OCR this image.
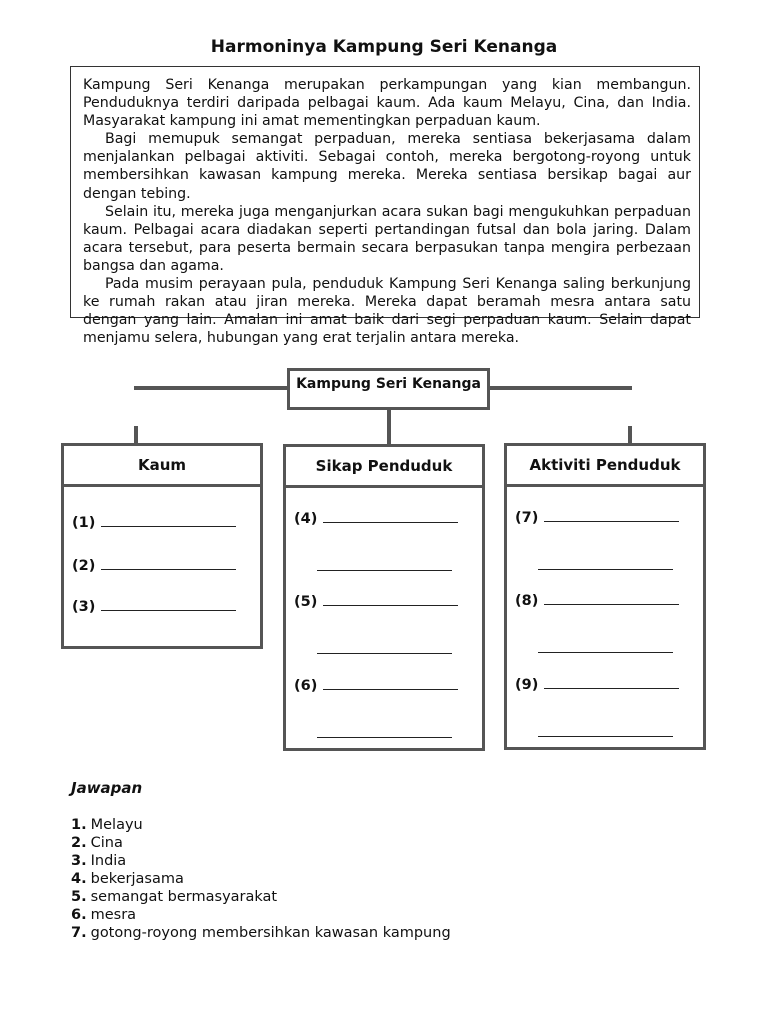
Harmoninya Kampung Seri Kenanga

Kampung Seri Kenanga merupakan perkampungan yang kian membangun. Penduduknya terdiri daripada pelbagai kaum. Ada kaum Melayu, Cina, dan India. Masyarakat kampung ini amat mementingkan perpaduan kaum.

Bagi memupuk semangat perpaduan, mereka sentiasa bekerjasama dalam menjalankan pelbagai aktiviti. Sebagai contoh, mereka bergotong-royong untuk membersihkan kawasan kampung mereka. Mereka sentiasa bersikap bagai aur dengan tebing.

Selain itu, mereka juga menganjurkan acara sukan bagi mengukuhkan perpaduan kaum. Pelbagai acara diadakan seperti pertandingan futsal dan bola jaring. Dalam acara tersebut, para peserta bermain secara berpasukan tanpa mengira perbezaan bangsa dan agama.

Pada musim perayaan pula, penduduk Kampung Seri Kenanga saling berkunjung ke rumah rakan atau jiran mereka. Mereka dapat beramah mesra antara satu dengan yang lain. Amalan ini amat baik dari segi perpaduan kaum. Selain dapat menjamu selera, hubungan yang erat terjalin antara mereka.

Kampung Seri Kenanga
Kaum
(1)
(2)
(3)
Sikap Penduduk
(4)
(5)
(6)
Aktiviti Penduduk
(7)
(8)
(9)
Jawapan
1. Melayu
2. Cina
3. India
4. bekerjasama
5. semangat bermasyarakat
6. mesra
7. gotong-royong membersihkan kawasan kampung
